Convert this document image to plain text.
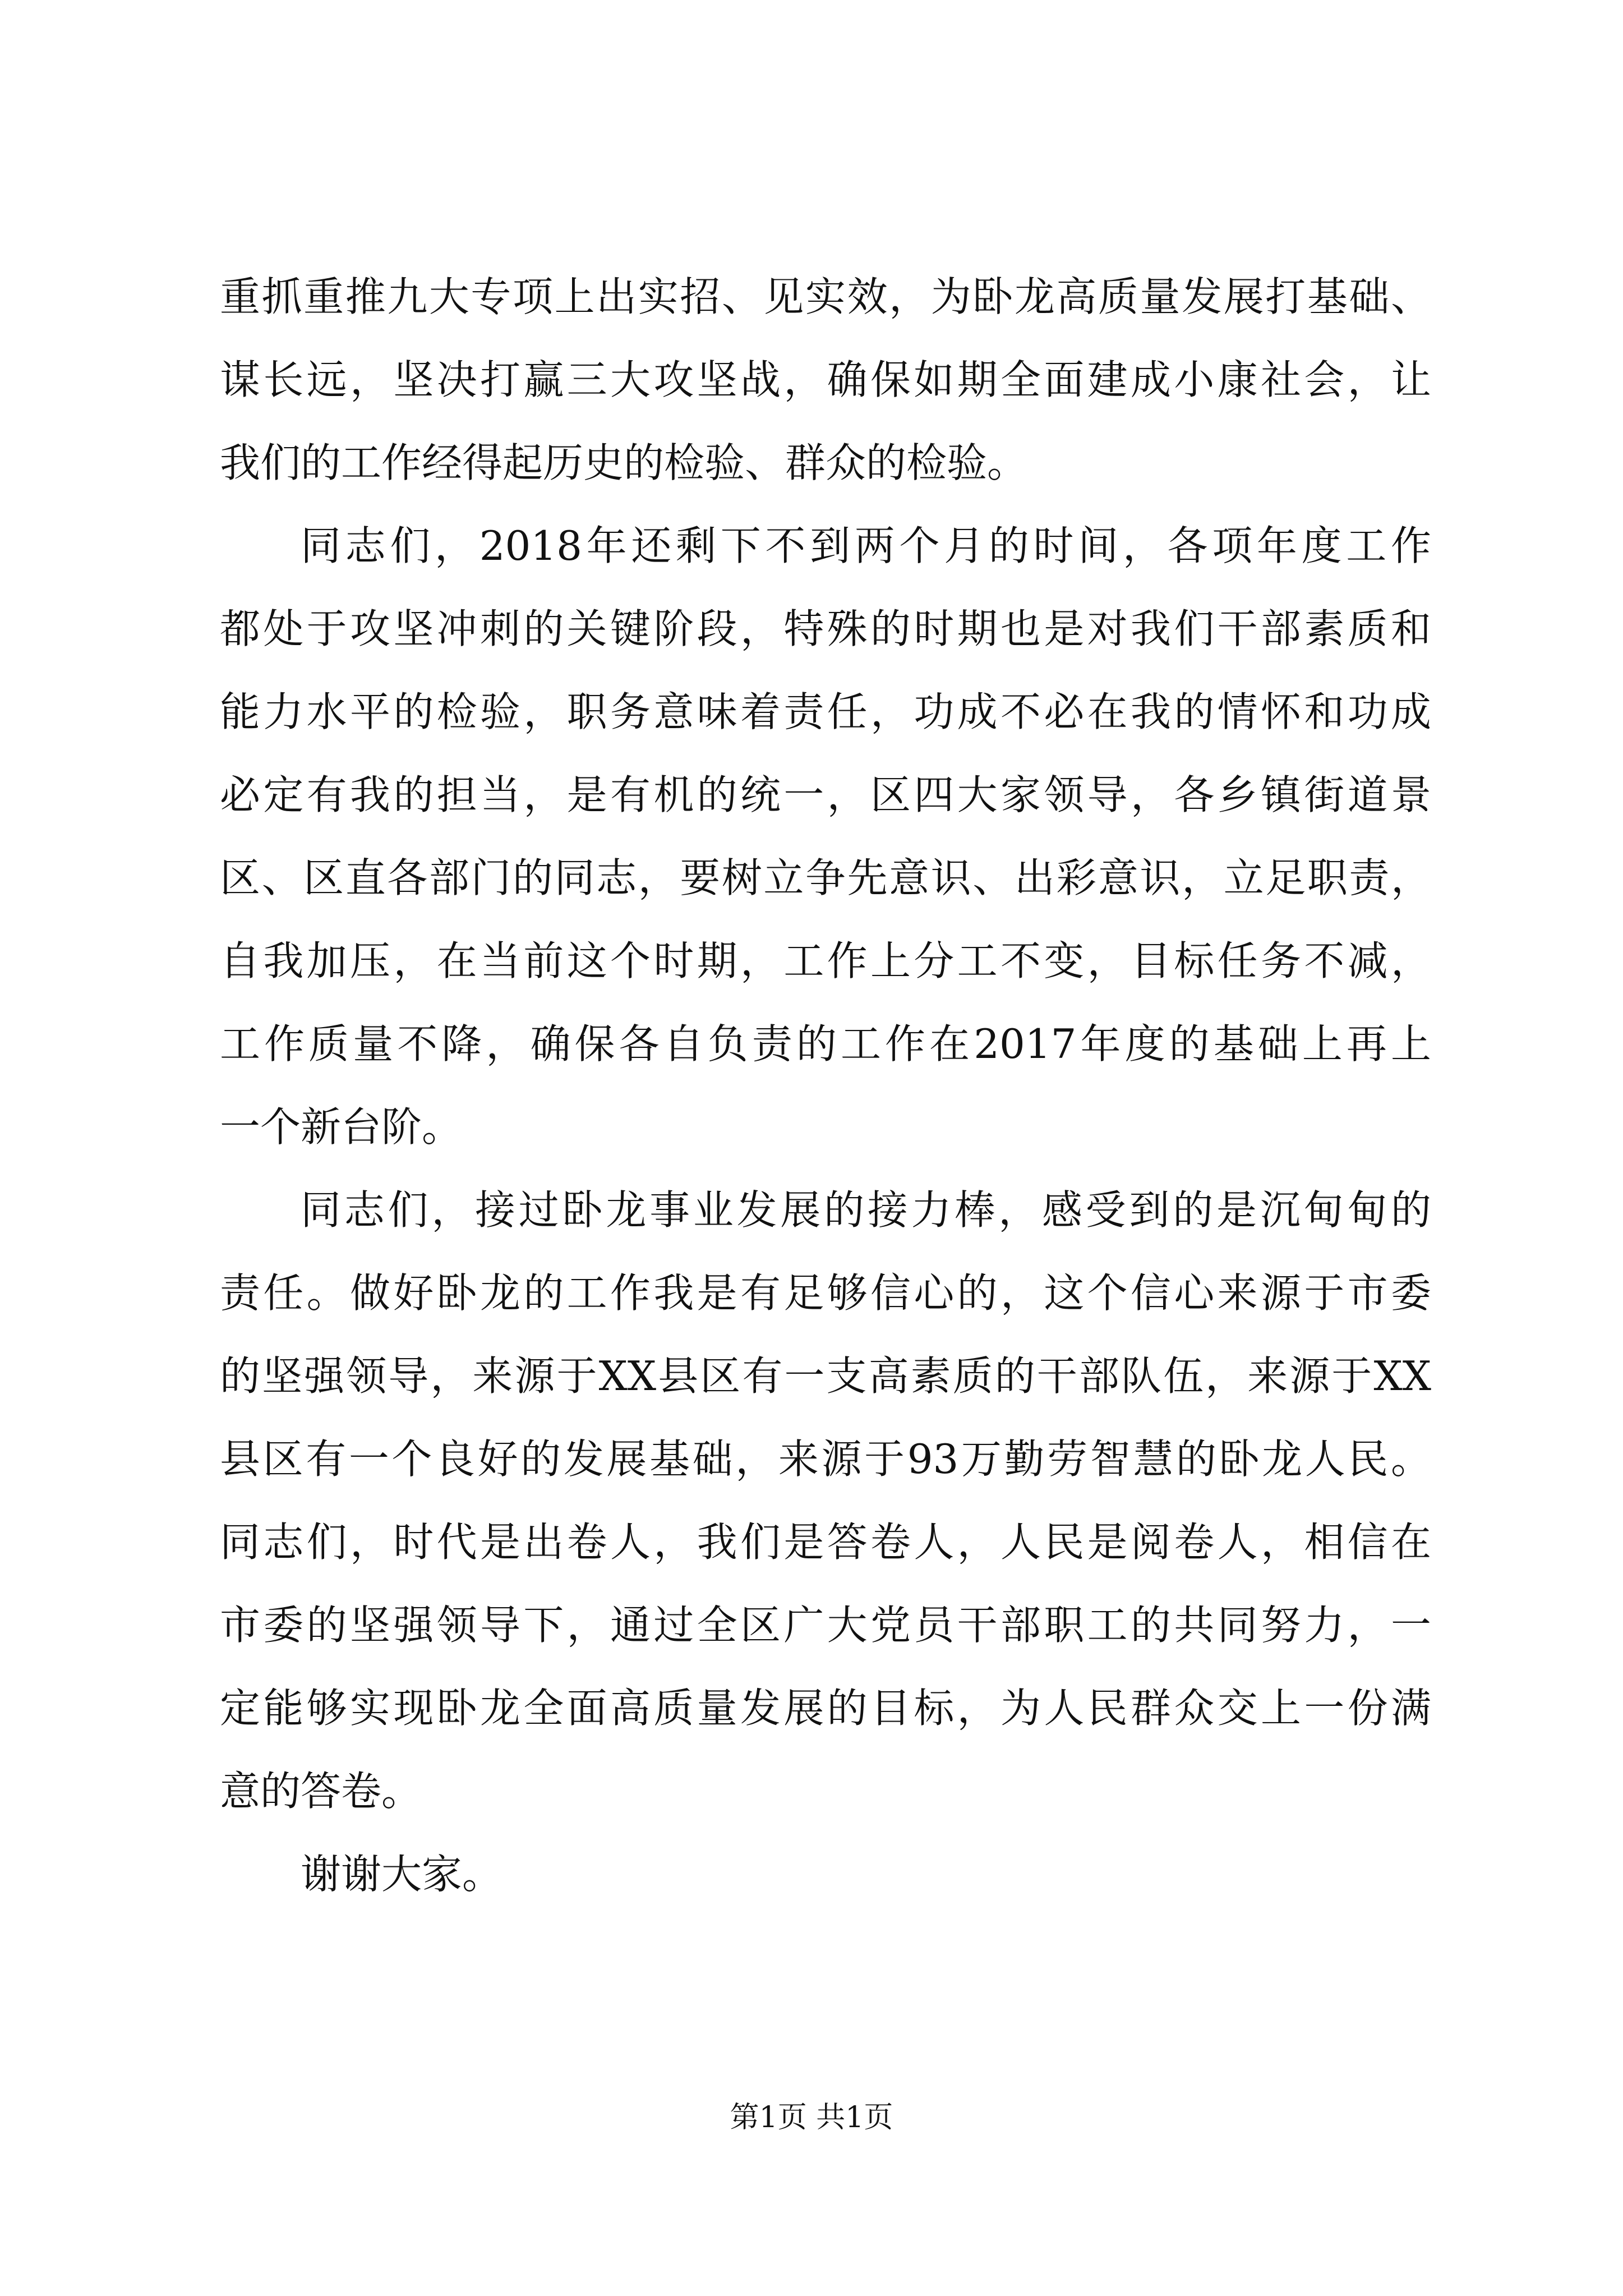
重抓重推九大专项上出实招、见实效，为卧龙高质量发展打基础、
谋长远，坚决打赢三大攻坚战，确保如期全面建成小康社会，让
我们的工作经得起历史的检验、群众的检验。
同志们，2018年还剩下不到两个月的时间，各项年度工作
都处于攻坚冲刺的关键阶段，特殊的时期也是对我们干部素质和
能力水平的检验，职务意味着责任，功成不必在我的情怀和功成
必定有我的担当，是有机的统一，区四大家领导，各乡镇街道景
区、区直各部门的同志，要树立争先意识、出彩意识，立足职责，
自我加压，在当前这个时期，工作上分工不变，目标任务不减，
工作质量不降，确保各自负责的工作在2017年度的基础上再上
一个新台阶。
同志们，接过卧龙事业发展的接力棒，感受到的是沉甸甸的
责任。做好卧龙的工作我是有足够信心的，这个信心来源于市委
的坚强领导，来源于XX县区有一支高素质的干部队伍，来源于XX
县区有一个良好的发展基础，来源于93万勤劳智慧的卧龙人民。
同志们，时代是出卷人，我们是答卷人，人民是阅卷人，相信在
市委的坚强领导下，通过全区广大党员干部职工的共同努力，一
定能够实现卧龙全面高质量发展的目标，为人民群众交上一份满
意的答卷。
谢谢大家。
第1页 共1页
